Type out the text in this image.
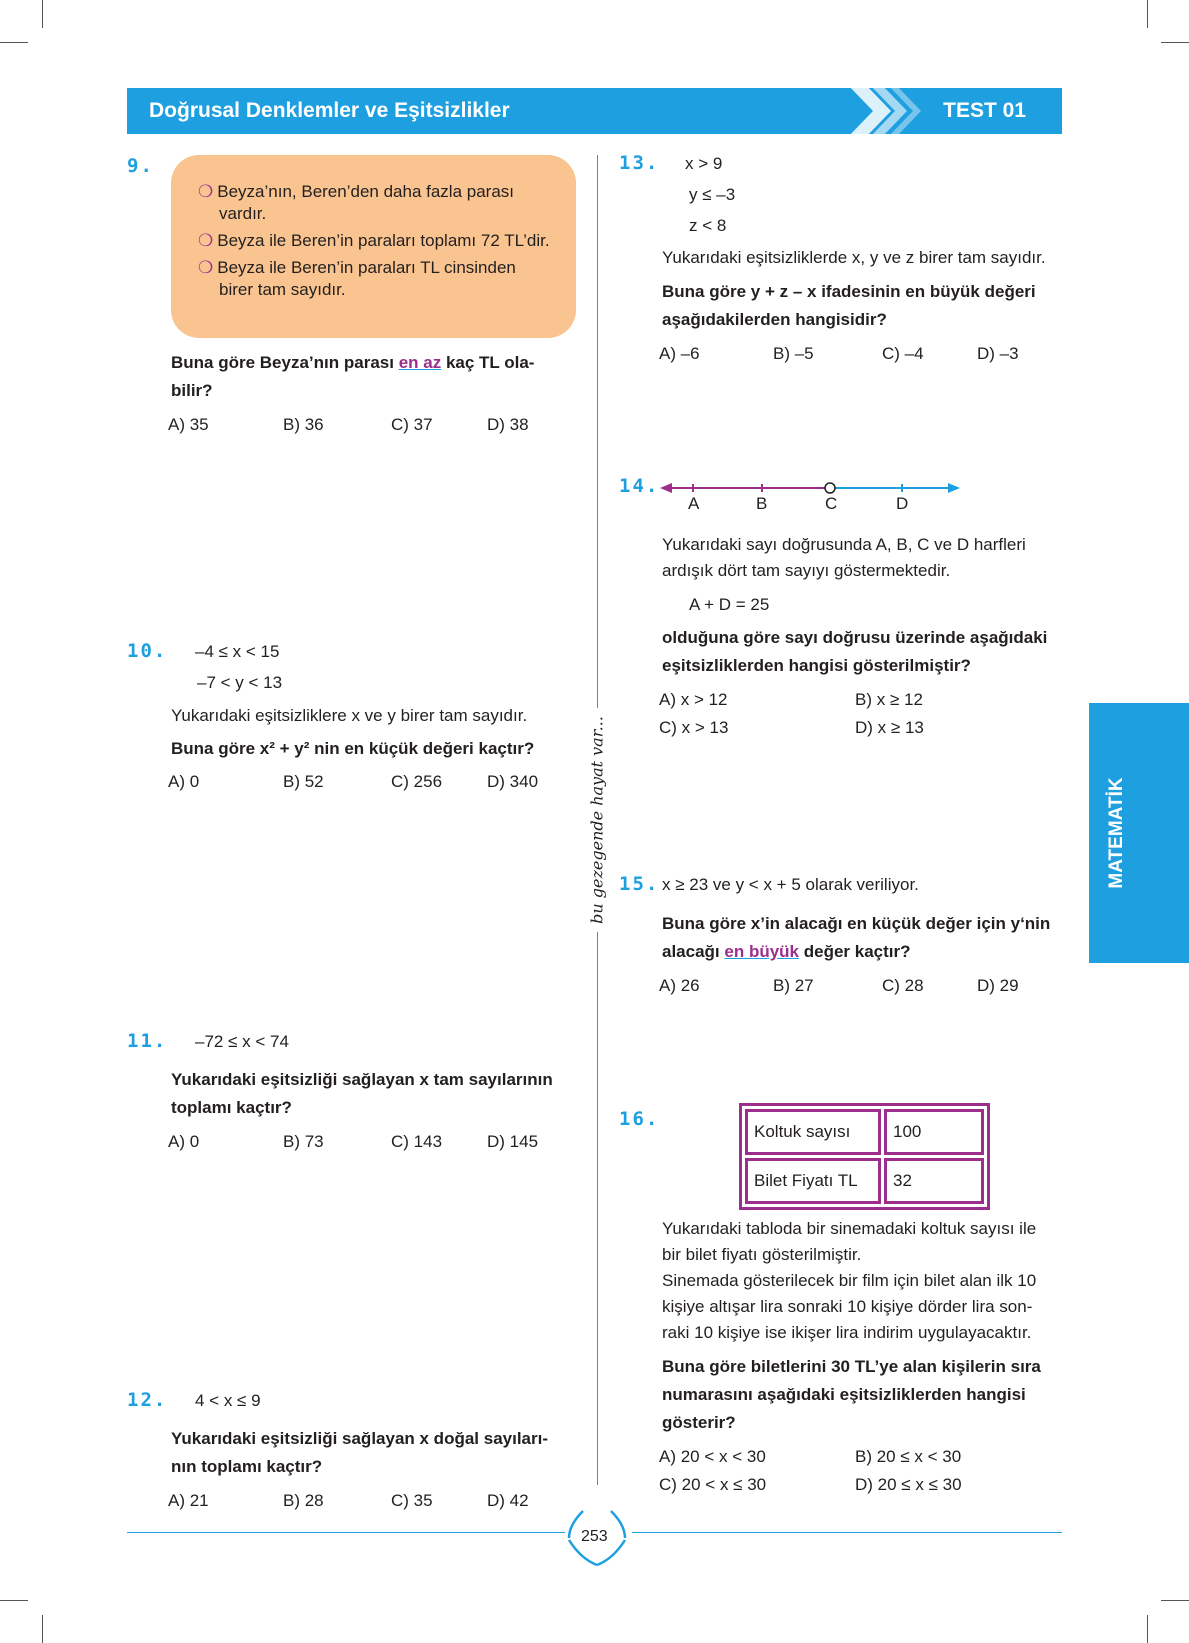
Doğrusal Denklemler ve Eşitsizlikler	TEST 01
bu gezegende hayat var...	MATEMATİK
9.
❍ Beyza’nın, Beren’den daha fazla parası
vardır.
❍ Beyza ile Beren’in paraları toplamı 72 TL’dir.
❍ Beyza ile Beren’in paraları TL cinsinden
birer tam sayıdır.
Buna göre Beyza’nın parası en az kaç TL ola-
bilir?
A) 35	B) 36	C) 37	D) 38
10. –4 ≤ x < 15
–7 < y < 13
Yukarıdaki eşitsizliklere x ve y birer tam sayıdır.
Buna göre x² + y² nin en küçük değeri kaçtır?
A) 0	B) 52	C) 256	D) 340
11. –72 ≤ x < 74
Yukarıdaki eşitsizliği sağlayan x tam sayılarının
toplamı kaçtır?
A) 0	B) 73	C) 143	D) 145
12. 4 < x ≤ 9
Yukarıdaki eşitsizliği sağlayan x doğal sayıları-
nın toplamı kaçtır?
A) 21	B) 28	C) 35	D) 42
13. x > 9
y ≤ –3
z < 8
Yukarıdaki eşitsizliklerde x, y ve z birer tam sayıdır.
Buna göre y + z – x ifadesinin en büyük değeri
aşağıdakilerden hangisidir?
A) –6	B) –5	C) –4	D) –3
14.
A	B	C	D
Yukarıdaki sayı doğrusunda A, B, C ve D harfleri
ardışık dört tam sayıyı göstermektedir.
A + D = 25
olduğuna göre sayı doğrusu üzerinde aşağıdaki
eşitsizliklerden hangisi gösterilmiştir?
A) x > 12	B) x ≥ 12
C) x > 13	D) x ≥ 13
15. x ≥ 23 ve y < x + 5 olarak veriliyor.
Buna göre x’in alacağı en küçük değer için y‘nin
alacağı en büyük değer kaçtır?
A) 26	B) 27	C) 28	D) 29
16.
Koltuk sayısı	100
Bilet Fiyatı TL	32
Yukarıdaki tabloda bir sinemadaki koltuk sayısı ile
bir bilet fiyatı gösterilmiştir.
Sinemada gösterilecek bir film için bilet alan ilk 10
kişiye altışar lira sonraki 10 kişiye dörder lira son-
raki 10 kişiye ise ikişer lira indirim uygulayacaktır.
Buna göre biletlerini 30 TL’ye alan kişilerin sıra
numarasını aşağıdaki eşitsizliklerden hangisi
gösterir?
A) 20 < x < 30	B) 20 ≤ x < 30
C) 20 < x ≤ 30	D) 20 ≤ x ≤ 30
253
